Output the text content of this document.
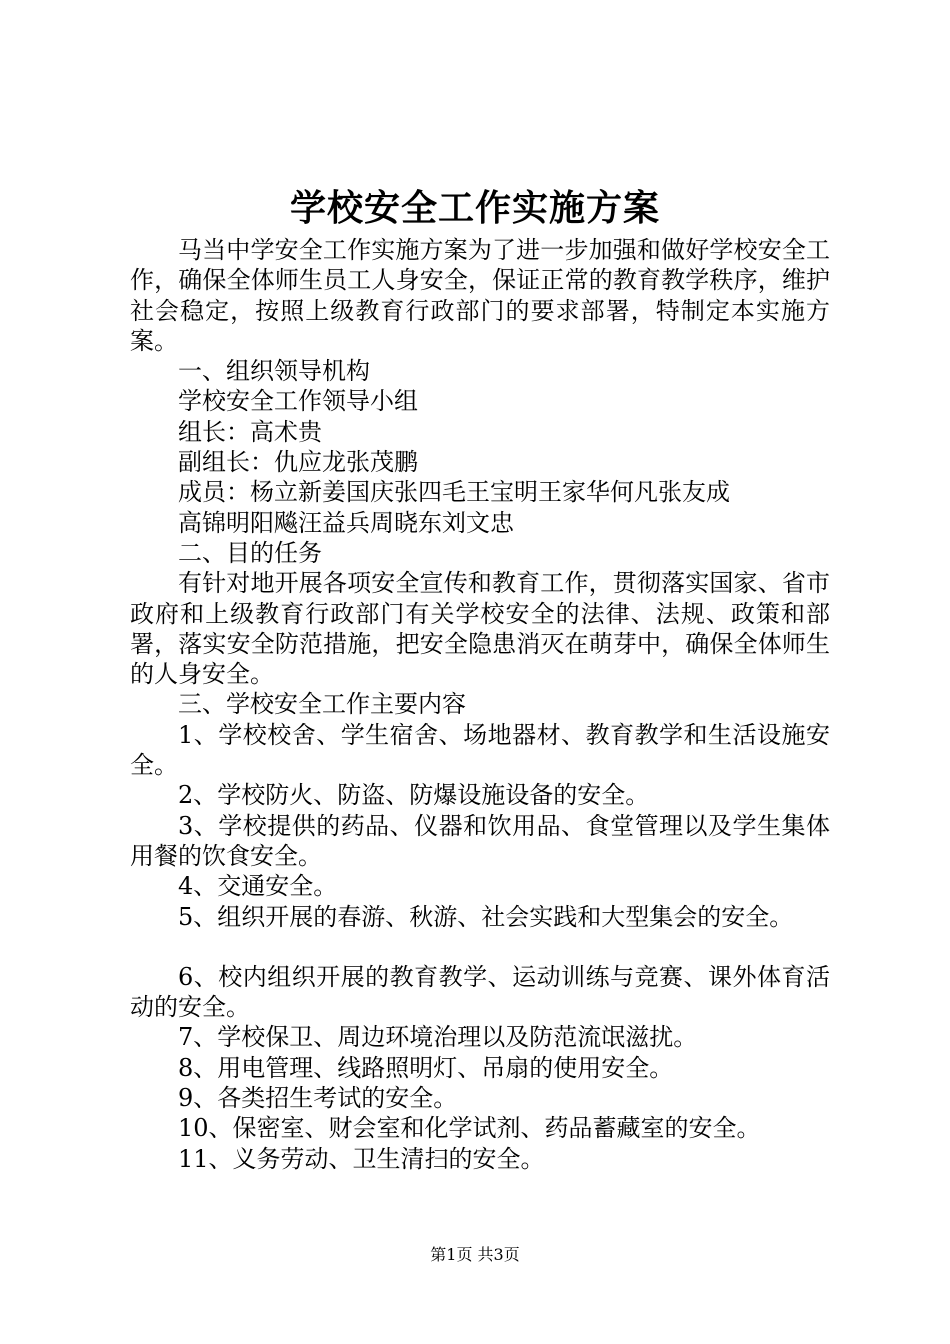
学校安全工作实施方案

马当中学安全工作实施方案为了进一步加强和做好学校安全工作，确保全体师生员工人身安全，保证正常的教育教学秩序，维护社会稳定，按照上级教育行政部门的要求部署，特制定本实施方案。

一、组织领导机构

学校安全工作领导小组

组长：高术贵

副组长：仇应龙张茂鹏

成员：杨立新姜国庆张四毛王宝明王家华何凡张友成

高锦明阳飚汪益兵周晓东刘文忠

二、目的任务

有针对地开展各项安全宣传和教育工作，贯彻落实国家、省市政府和上级教育行政部门有关学校安全的法律、法规、政策和部署，落实安全防范措施，把安全隐患消灭在萌芽中，确保全体师生的人身安全。

三、学校安全工作主要内容

1、学校校舍、学生宿舍、场地器材、教育教学和生活设施安全。

2、学校防火、防盗、防爆设施设备的安全。

3、学校提供的药品、仪器和饮用品、食堂管理以及学生集体用餐的饮食安全。

4、交通安全。

5、组织开展的春游、秋游、社会实践和大型集会的安全。

6、校内组织开展的教育教学、运动训练与竞赛、课外体育活动的安全。

7、学校保卫、周边环境治理以及防范流氓滋扰。

8、用电管理、线路照明灯、吊扇的使用安全。

9、各类招生考试的安全。

10、保密室、财会室和化学试剂、药品蓄藏室的安全。

11、义务劳动、卫生清扫的安全。

第1页 共3页
